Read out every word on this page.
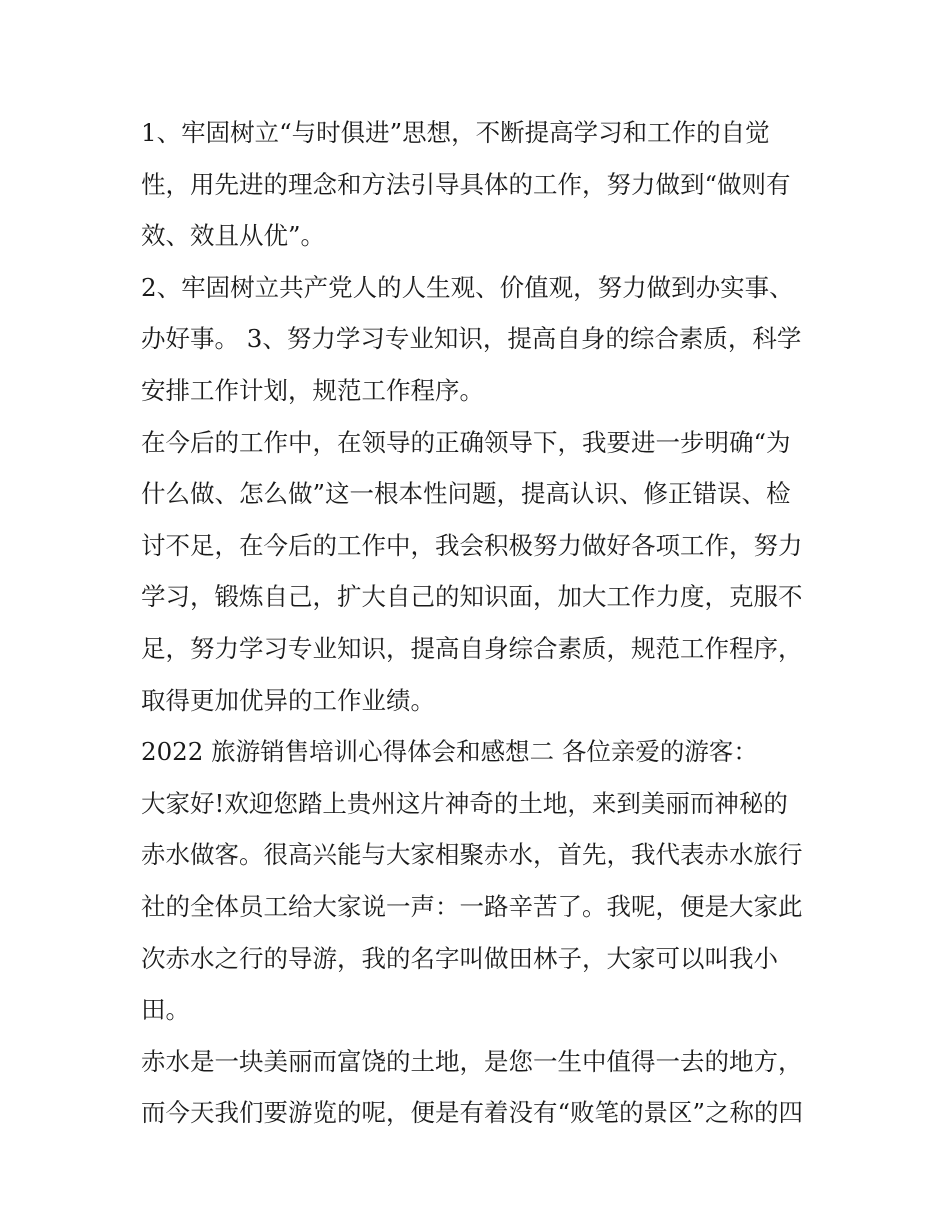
1、牢固树立“与时俱进”思想，不断提高学习和工作的自觉
性，用先进的理念和方法引导具体的工作，努力做到“做则有
效、效且从优”。
2、牢固树立共产党人的人生观、价值观，努力做到办实事、
办好事。 3、努力学习专业知识，提高自身的综合素质，科学
安排工作计划，规范工作程序。
在今后的工作中，在领导的正确领导下，我要进一步明确“为
什么做、怎么做”这一根本性问题，提高认识、修正错误、检
讨不足，在今后的工作中，我会积极努力做好各项工作，努力
学习，锻炼自己，扩大自己的知识面，加大工作力度，克服不
足，努力学习专业知识，提高自身综合素质，规范工作程序，
取得更加优异的工作业绩。
2022 旅游销售培训心得体会和感想二 各位亲爱的游客：
大家好!欢迎您踏上贵州这片神奇的土地，来到美丽而神秘的
赤水做客。很高兴能与大家相聚赤水，首先，我代表赤水旅行
社的全体员工给大家说一声：一路辛苦了。我呢，便是大家此
次赤水之行的导游，我的名字叫做田林子，大家可以叫我小
田。
赤水是一块美丽而富饶的土地，是您一生中值得一去的地方，
而今天我们要游览的呢，便是有着没有“败笔的景区”之称的四
